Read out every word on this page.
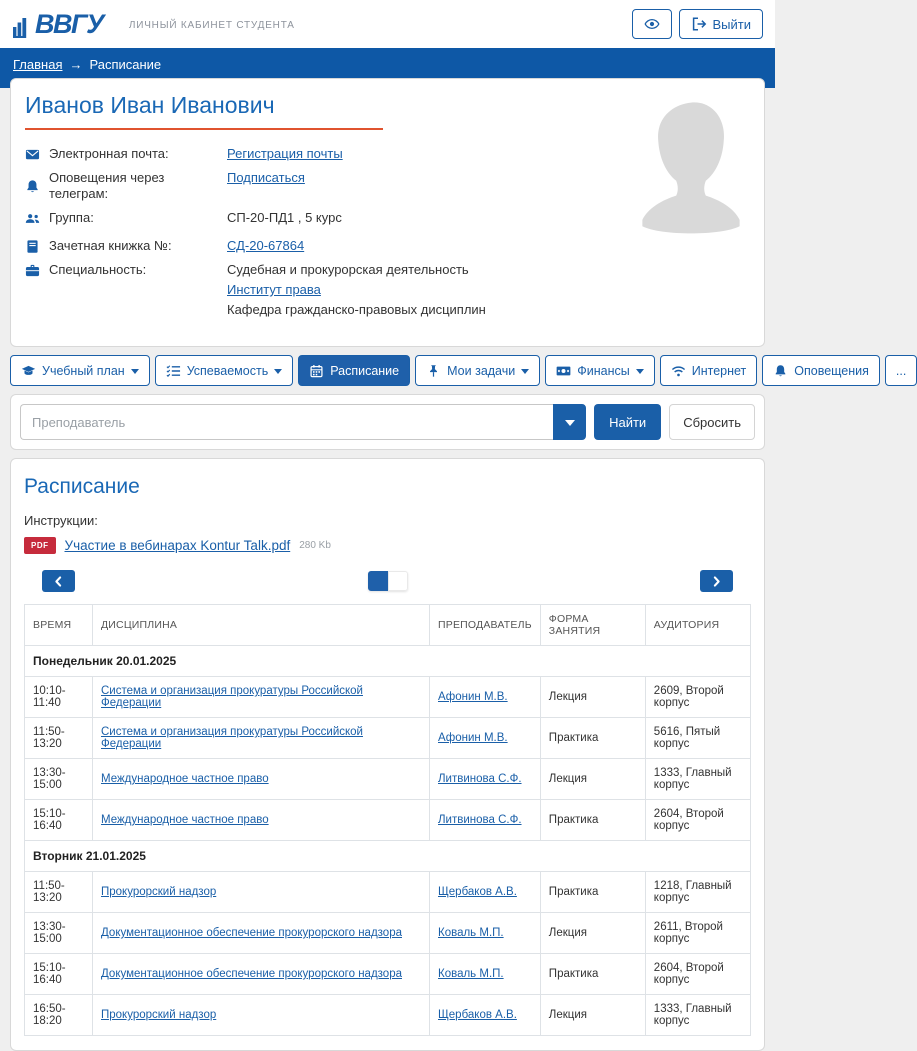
ВВГУ	ЛИЧНЫЙ КАБИНЕТ СТУДЕНТА	Выйти
Главная → Расписание
Иванов Иван Иванович
Электронная почта:	Регистрация почты
Оповещения через телеграм:
Подписаться
Группа:	СП-20-ПД1 , 5 курс
Зачетная книжка №:	СД-20-67864
Специальность:	Судебная и прокурорская деятельность
Институт права
Кафедра гражданско-правовых дисциплин
Учебный план	Успеваемость	Расписание	Мои задачи	Финансы	Интернет	Оповещения ...
Преподаватель
Найти	Сбросить
Расписание
Инструкции:
PDF	Участие в вебинарах Kontur Talk.pdf 280 Kb
ВРЕМЯ	ДИСЦИПЛИНА	ПРЕПОДАВАТЕЛЬ	ФОРМА ЗАНЯТИЯ	АУДИТОРИЯ
Понедельник 20.01.2025				
10:10-11:40	Система и организация прокуратуры Российской Федерации	Афонин М.В.	Лекция	2609, Второй корпус
11:50-13:20	Система и организация прокуратуры Российской Федерации	Афонин М.В.	Практика	5616, Пятый корпус
13:30-15:00	Международное частное право	Литвинова С.Ф.	Лекция	1333, Главный корпус
15:10-16:40	Международное частное право	Литвинова С.Ф.	Практика	2604, Второй корпус
Вторник 21.01.2025				
11:50-13:20	Прокурорский надзор	Щербаков А.В.	Практика	1218, Главный корпус
13:30-15:00	Документационное обеспечение прокурорского надзора	Коваль М.П.	Лекция	2611, Второй корпус
15:10-16:40	Документационное обеспечение прокурорского надзора	Коваль М.П.	Практика	2604, Второй корпус
16:50-18:20	Прокурорский надзор	Щербаков А.В.	Лекция	1333, Главный корпус
